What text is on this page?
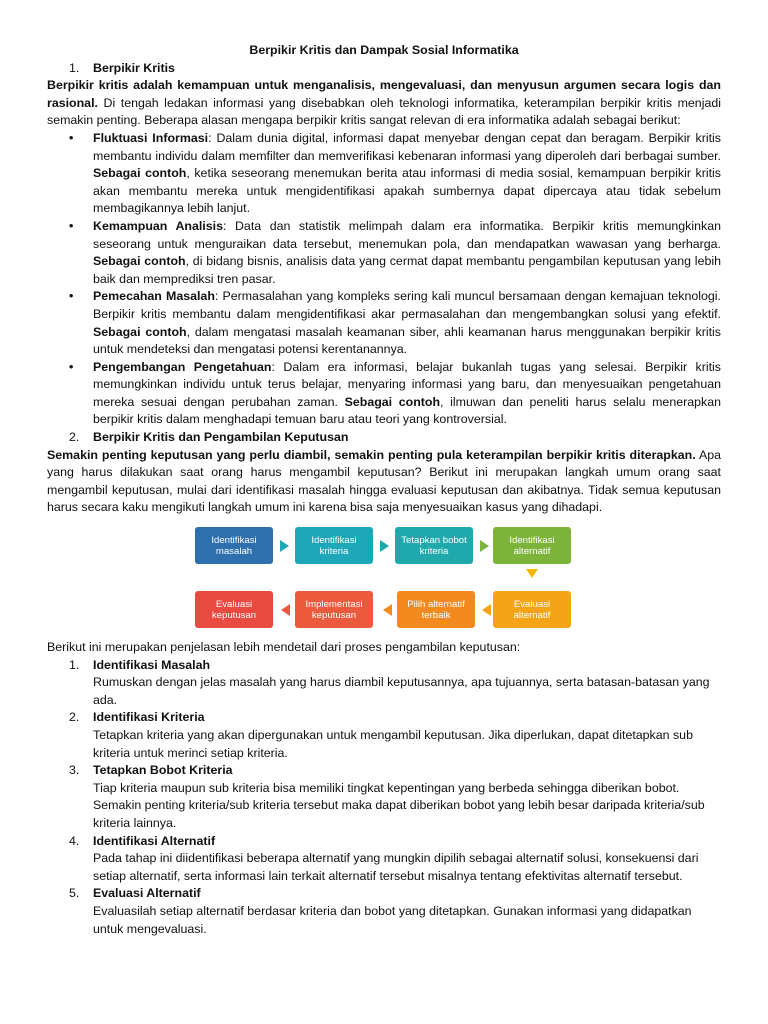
Berpikir Kritis dan Dampak Sosial Informatika

1.	Berpikir Kritis

Berpikir kritis adalah kemampuan untuk menganalisis, mengevaluasi, dan menyusun argumen secara logis dan rasional. Di tengah ledakan informasi yang disebabkan oleh teknologi informatika, keterampilan berpikir kritis menjadi semakin penting. Beberapa alasan mengapa berpikir kritis sangat relevan di era informatika adalah sebagai berikut:

• Fluktuasi Informasi: Dalam dunia digital, informasi dapat menyebar dengan cepat dan beragam. Berpikir kritis membantu individu dalam memfilter dan memverifikasi kebenaran informasi yang diperoleh dari berbagai sumber. Sebagai contoh, ketika seseorang menemukan berita atau informasi di media sosial, kemampuan berpikir kritis akan membantu mereka untuk mengidentifikasi apakah sumbernya dapat dipercaya atau tidak sebelum membagikannya lebih lanjut.
• Kemampuan Analisis: Data dan statistik melimpah dalam era informatika. Berpikir kritis memungkinkan seseorang untuk menguraikan data tersebut, menemukan pola, dan mendapatkan wawasan yang berharga. Sebagai contoh, di bidang bisnis, analisis data yang cermat dapat membantu pengambilan keputusan yang lebih baik dan memprediksi tren pasar.
• Pemecahan Masalah: Permasalahan yang kompleks sering kali muncul bersamaan dengan kemajuan teknologi. Berpikir kritis membantu dalam mengidentifikasi akar permasalahan dan mengembangkan solusi yang efektif. Sebagai contoh, dalam mengatasi masalah keamanan siber, ahli keamanan harus menggunakan berpikir kritis untuk mendeteksi dan mengatasi potensi kerentanannya.
• Pengembangan Pengetahuan: Dalam era informasi, belajar bukanlah tugas yang selesai. Berpikir kritis memungkinkan individu untuk terus belajar, menyaring informasi yang baru, dan menyesuaikan pengetahuan mereka sesuai dengan perubahan zaman. Sebagai contoh, ilmuwan dan peneliti harus selalu menerapkan berpikir kritis dalam menghadapi temuan baru atau teori yang kontroversial.
2.	Berpikir Kritis dan Pengambilan Keputusan

Semakin penting keputusan yang perlu diambil, semakin penting pula keterampilan berpikir kritis diterapkan. Apa yang harus dilakukan saat orang harus mengambil keputusan? Berikut ini merupakan langkah umum orang saat mengambil keputusan, mulai dari identifikasi masalah hingga evaluasi keputusan dan akibatnya. Tidak semua keputusan harus secara kaku mengikuti langkah umum ini karena bisa saja menyesuaikan kasus yang dihadapi.

Identifikasi masalah
Identifikasi kriteria
Tetapkan bobot kriteria
Identifikasi alternatif
Evaluasi alternatif
Pilih alternatif terbaik
Implementasi keputusan
Evaluasi keputusan

Berikut ini merupakan penjelasan lebih mendetail dari proses pengambilan keputusan:

1. Identifikasi Masalah
Rumuskan dengan jelas masalah yang harus diambil keputusannya, apa tujuannya, serta batasan-batasan yang ada.
2. Identifikasi Kriteria
Tetapkan kriteria yang akan dipergunakan untuk mengambil keputusan. Jika diperlukan, dapat ditetapkan sub kriteria untuk merinci setiap kriteria.
3. Tetapkan Bobot Kriteria
Tiap kriteria maupun sub kriteria bisa memiliki tingkat kepentingan yang berbeda sehingga diberikan bobot. Semakin penting kriteria/sub kriteria tersebut maka dapat diberikan bobot yang lebih besar daripada kriteria/sub kriteria lainnya.
4. Identifikasi Alternatif
Pada tahap ini diidentifikasi beberapa alternatif yang mungkin dipilih sebagai alternatif solusi, konsekuensi dari setiap alternatif, serta informasi lain terkait alternatif tersebut misalnya tentang efektivitas alternatif tersebut.
5. Evaluasi Alternatif
Evaluasilah setiap alternatif berdasar kriteria dan bobot yang ditetapkan. Gunakan informasi yang didapatkan untuk mengevaluasi.
